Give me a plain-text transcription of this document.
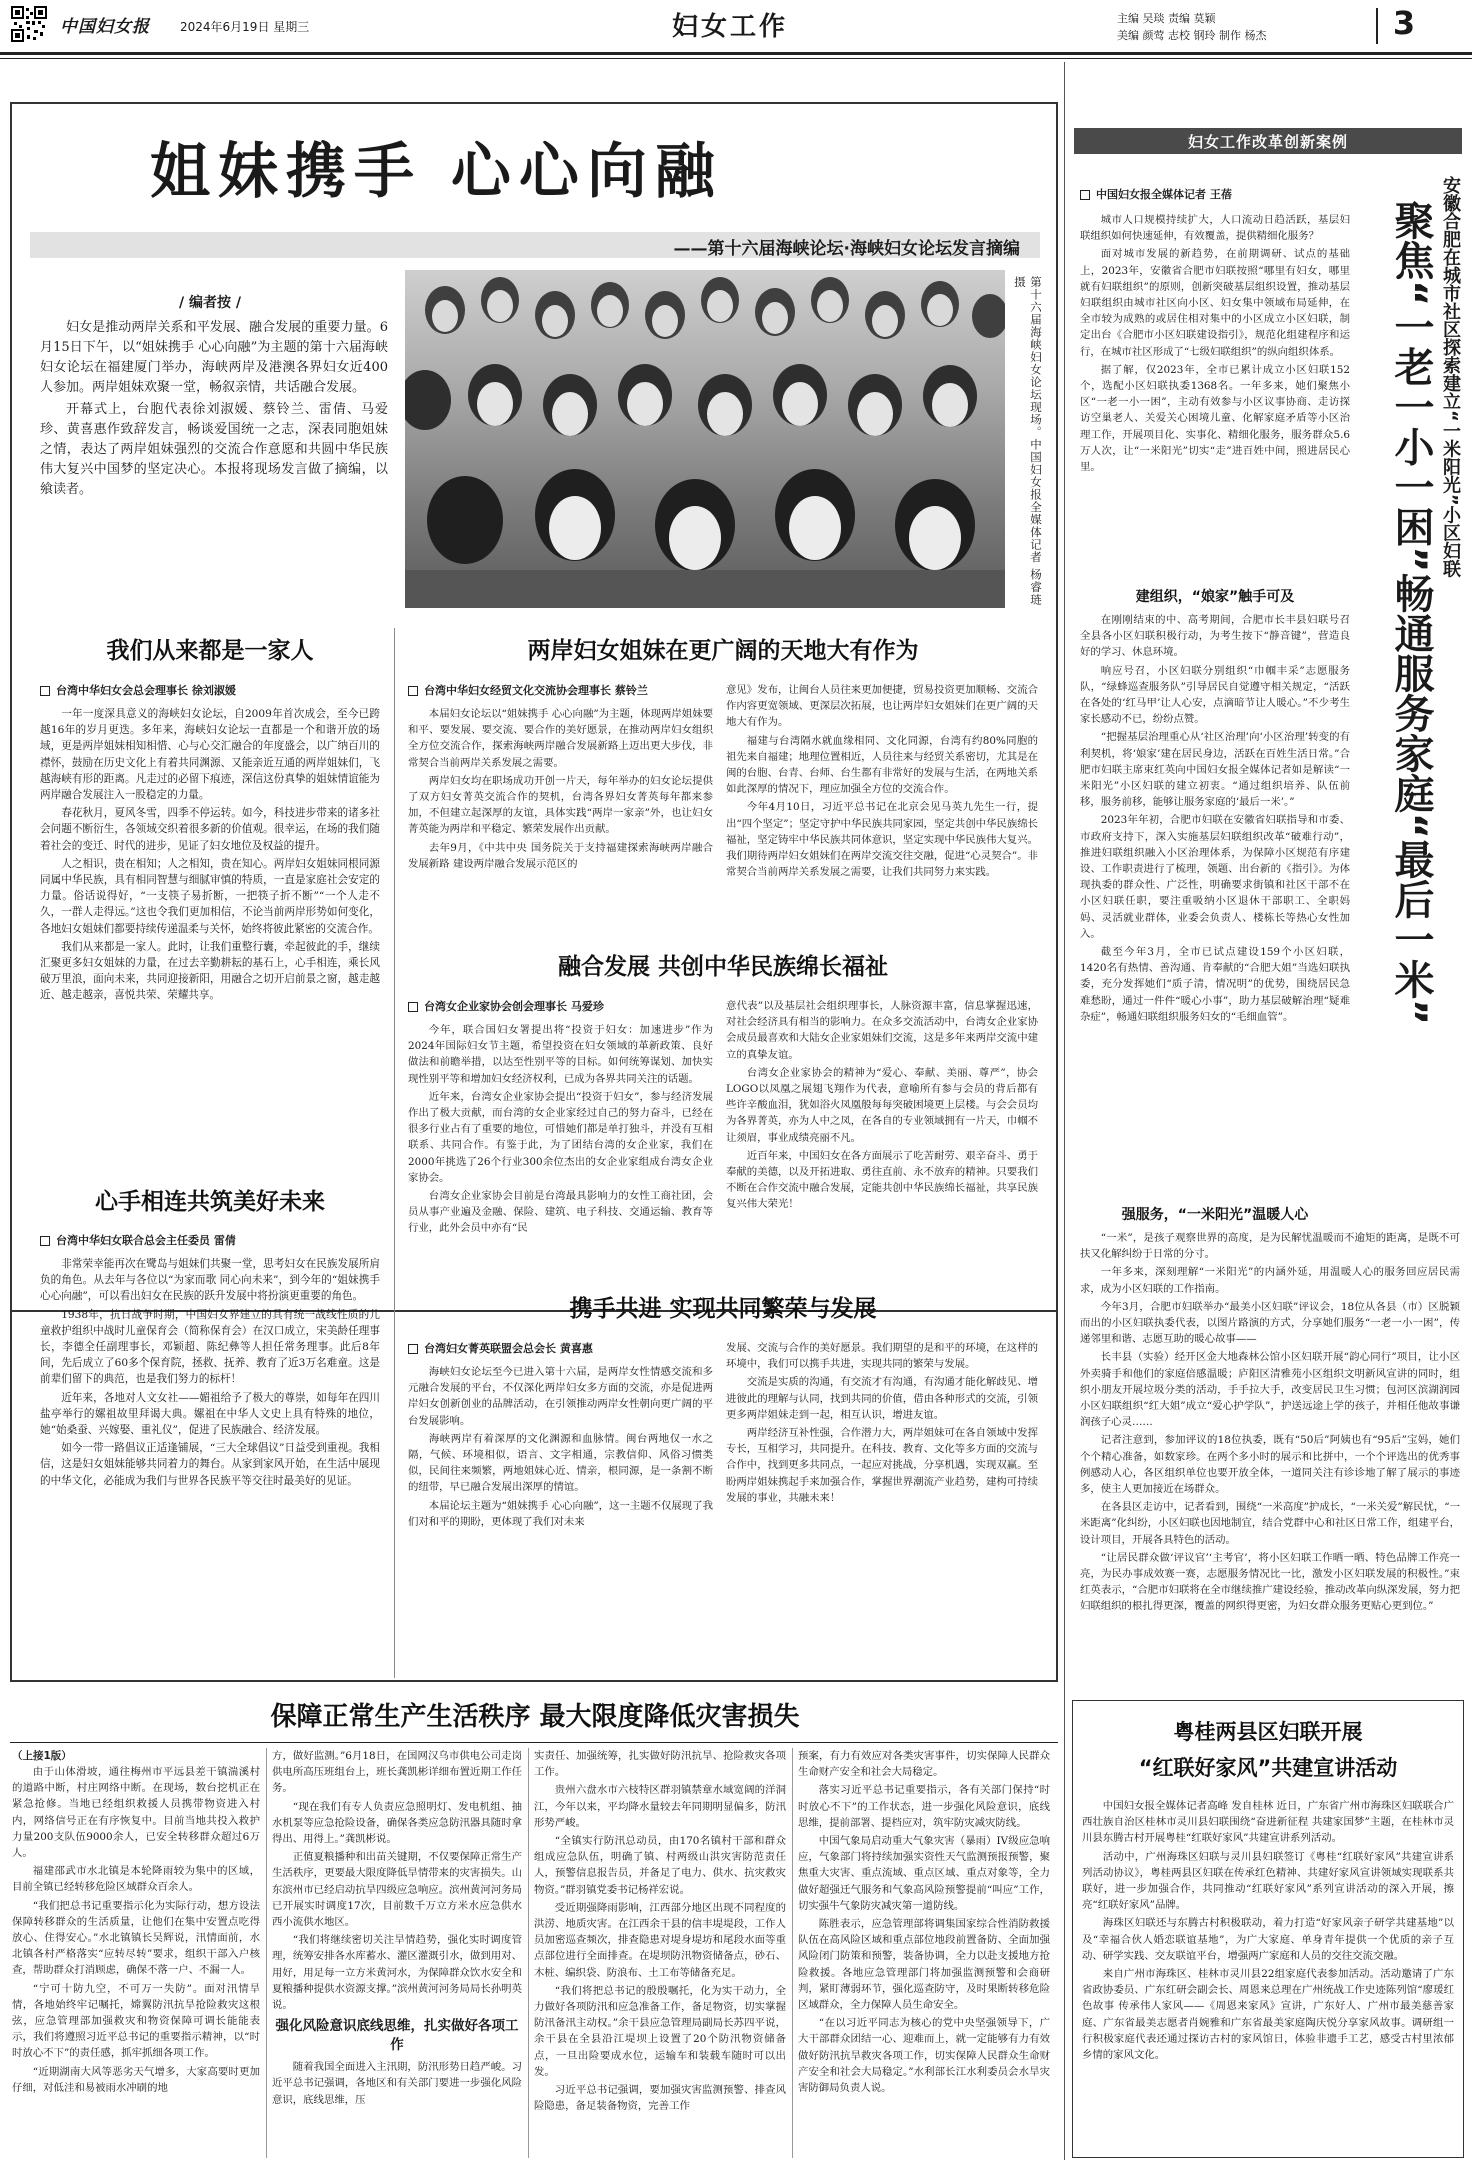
中国妇女报	2024年6月19日 星期三	妇女工作	主编 吴琰 责编 莫颖
美编 颜莺 志校 钢玲 制作 杨杰	3
姐妹携手 心心向融
——第十六届海峡论坛·海峡妇女论坛发言摘编
/ 编者按 /

妇女是推动两岸关系和平发展、融合发展的重要力量。6月15日下午，以“姐妹携手 心心向融”为主题的第十六届海峡妇女论坛在福建厦门举办，海峡两岸及港澳各界妇女近400人参加。两岸姐妹欢聚一堂，畅叙亲情，共话融合发展。

开幕式上，台胞代表徐刘淑媛、蔡铃兰、雷倩、马爱珍、黄喜惠作致辞发言，畅谈爱国统一之志，深表同胞姐妹之情，表达了两岸姐妹强烈的交流合作意愿和共圆中华民族伟大复兴中国梦的坚定决心。本报将现场发言做了摘编，以飨读者。	第十六届海峡妇女论坛现场。中国妇女报全媒体记者 杨睿琏 摄
我们从来都是一家人
台湾中华妇女会总会理事长 徐刘淑媛

一年一度深具意义的海峡妇女论坛，自2009年首次成会，至今已跨越16年的岁月更迭。多年来，海峡妇女论坛一直都是一个和谐开放的场域，更是两岸姐妹相知相惜、心与心交汇融合的年度盛会，以广纳百川的襟怀，鼓励在历史文化上有着共同渊源、又能亲近互通的两岸姐妹们，飞越海峡有形的距离。凡走过的必留下痕迹，深信这份真挚的姐妹情谊能为两岸融合发展注入一股稳定的力量。

春花秋月，夏风冬雪，四季不停运转。如今，科技进步带来的诸多社会问题不断衍生，各领域交织着很多新的价值观。很幸运，在场的我们随着社会的变迁、时代的进步，见证了妇女地位及权益的提升。

人之相识，贵在相知；人之相知，贵在知心。两岸妇女姐妹同根同源同属中华民族，具有相同智慧与细腻审慎的特质，一直是家庭社会安定的力量。俗话说得好，“一支筷子易折断，一把筷子折不断”“一个人走不久，一群人走得远。”这也令我们更加相信，不论当前两岸形势如何变化，各地妇女姐妹们都要持续传递温柔与关怀，始终将彼此紧密的交流合作。

我们从来都是一家人。此时，让我们重整行囊，牵起彼此的手，继续汇聚更多妇女姐妹的力量，在过去辛勤耕耘的基石上，心手相连，乘长风破万里浪，面向未来，共同迎接新阳，用融合之切开启前景之窗，越走越近、越走越亲，喜悦共荣、荣耀共享。

心手相连共筑美好未来
台湾中华妇女联合总会主任委员 雷倩

非常荣幸能再次在鹭岛与姐妹们共聚一堂，思考妇女在民族发展所肩负的角色。从去年与各位以“为家而歌 同心向未来”，到今年的“姐妹携手 心心向融”，可以看出妇女在民族的跃升发展中将扮演更重要的角色。

1938年，抗日战争时期，中国妇女界建立的具有统一战线性质的儿童救护组织中战时儿童保育会（简称保育会）在汉口成立，宋美龄任理事长，李德全任副理事长，邓颖超、陈纪彝等人担任常务理事。此后8年间，先后成立了60多个保育院，拯救、抚养、教育了近3万名难童。这是前辈们留下的典范，也是我们努力的标杆！

近年来，各地对人文女社——媚祖给予了极大的尊崇，如每年在四川盐亭举行的嫘祖故里拜谒大典。嫘祖在中华人文史上具有特殊的地位，她“始桑蚕、兴嫁娶、重礼仪”，促进了民族融合、经济发展。

如今一带一路倡议正适逢铺展，“三大全球倡议”日益受到重视。我相信，这是妇女姐妹能够共同着力的舞台。从家到家风开始，在生活中展现的中华文化，必能成为我们与世界各民族平等交往时最美好的见证。

两岸妇女姐妹在更广阔的天地大有作为
台湾中华妇女经贸文化交流协会理事长 蔡铃兰

本届妇女论坛以“姐妹携手 心心向融”为主题，体现两岸姐妹要和平、要发展、要交流、要合作的美好愿景，在推动两岸妇女组织全方位交流合作，探索海峡两岸融合发展新路上迈出更大步伐，非常契合当前两岸关系发展之需要。

两岸妇女均在职场成功开创一片天，每年举办的妇女论坛提供了双方妇女菁英交流合作的契机，台湾各界妇女菁英每年都来参加，不但建立起深厚的友谊，具体实践“两岸一家亲”外，也让妇女菁英能为两岸和平稳定、繁荣发展作出贡献。

去年9月，《中共中央 国务院关于支持福建探索海峡两岸融合发展新路 建设两岸融合发展示范区的

意见》发布，让闽台人员往来更加便捷，贸易投资更加顺畅、交流合作内容更宽领域、更深层次拓展，也让两岸妇女姐妹们在更广阔的天地大有作为。

福建与台湾隔水就血缘相同、文化同源，台湾有约80%同胞的祖先来自福建；地理位置相近，人员往来与经贸关系密切，尤其是在闽的台胞、台青、台师、台生都有非常好的发展与生活，在两地关系如此深厚的情况下，理应加强全方位的交流合作。

今年4月10日，习近平总书记在北京会见马英九先生一行，提出“四个坚定”；坚定守护中华民族共同家园，坚定共创中华民族绵长福祉，坚定铸牢中华民族共同体意识，坚定实现中华民族伟大复兴。我们期待两岸妇女姐妹们在两岸交流交往交融，促进“心灵契合”。非常契合当前两岸关系发展之需要，让我们共同努力来实践。

融合发展 共创中华民族绵长福祉
台湾女企业家协会创会理事长 马爱珍

今年，联合国妇女署提出将“投资于妇女：加速进步”作为2024年国际妇女节主题，希望投资在妇女领域的革新政策、良好做法和前瞻举措，以达至性别平等的目标。如何统筹谋划、加快实现性别平等和增加妇女经济权利，已成为各界共同关注的话题。

近年来，台湾女企业家协会提出“投资于妇女”，参与经济发展作出了极大贡献，而台湾的女企业家经过自己的努力奋斗，已经在很多行业占有了重要的地位，可惜她们都是单打独斗，并没有互相联系、共同合作。有鉴于此，为了团结台湾的女企业家，我们在2000年挑选了26个行业300余位杰出的女企业家组成台湾女企业家协会。

台湾女企业家协会目前是台湾最具影响力的女性工商社团，会员从事产业遍及金融、保险、建筑、电子科技、交通运输、教育等行业，此外会员中亦有“民

意代表”以及基层社会组织理事长，人脉资源丰富，信息掌握迅速，对社会经济具有相当的影响力。在众多交流活动中，台湾女企业家协会成员最喜欢和大陆女企业家姐妹们交流，这是多年来两岸交流中建立的真挚友谊。

台湾女企业家协会的精神为“爱心、奉献、美丽、尊严”，协会LOGO以凤凰之展翅飞翔作为代表，意喻所有参与会员的背后都有些许辛酸血泪，犹如浴火凤凰般每每突破困境更上层楼。与会会员均为各界菁英，亦为人中之凤，在各自的专业领域拥有一片天，巾帼不让须眉，事业成绩亮丽不凡。

近百年来，中国妇女在各方面展示了吃苦耐劳、艰辛奋斗、勇于奉献的美德，以及开拓进取、勇往直前、永不放弃的精神。只要我们不断在合作交流中融合发展，定能共创中华民族绵长福祉，共享民族复兴伟大荣光！

携手共进 实现共同繁荣与发展
台湾妇女菁英联盟会总会长 黄喜惠

海峡妇女论坛至今已进入第十六届，是两岸女性情感交流和多元融合发展的平台，不仅深化两岸妇女多方面的交流，亦是促进两岸妇女创新创业的品牌活动，在引领推动两岸女性朝向更广阔的平台发展影响。

海峡两岸有着深厚的文化渊源和血脉情。闽台两地仅一水之隔，气候、环境相似，语言、文字相通，宗教信仰、风俗习惯类似，民间往来频繁，两地姐妹心近、情亲，根同源，是一条割不断的纽带，早已融合发展出深厚的情谊。

本届论坛主题为“姐妹携手 心心向融”，这一主题不仅展现了我们对和平的期盼，更体现了我们对未来

发展、交流与合作的美好愿景。我们期望的是和平的环境，在这样的环境中，我们可以携手共进，实现共同的繁荣与发展。

交流是实质的沟通，有交流才有沟通，有沟通才能化解歧见、增进彼此的理解与认同，找到共同的价值，借由各种形式的交流，引领更多两岸姐妹走到一起，相互认识，增进友谊。

两岸经济互补性强，合作潜力大，两岸姐妹可在各自领域中发挥专长，互相学习，共同提升。在科技、教育、文化等多方面的交流与合作中，找到更多共同点，一起应对挑战，分享机遇，实现双赢。至盼两岸姐妹携起手来加强合作，掌握世界潮流产业趋势，建构可持续发展的事业，共融未来！

保障正常生产生活秩序 最大限度降低灾害损失
（上接1版）

由于山体滑坡，通往梅州市平远县差干镇湍溪村的道路中断，村庄网络中断。在现场，数台挖机正在紧急抢修。当地已经组织救援人员携带物资进入村内，网络信号正在有序恢复中。目前当地共投入救护力量200支队伍9000余人，已安全转移群众超过6万人。

福建邵武市水北镇是本轮降雨较为集中的区域，目前全镇已经转移危险区域群众百余人。

“我们把总书记重要指示化为实际行动，想方设法保障转移群众的生活质量，让他们在集中安置点吃得放心、住得安心。”水北镇镇长吴辉说，汛情面前，水北镇各村严格落实“应转尽转”要求，组织干部入户核查，帮助群众打消顾虑，确保不落一户、不漏一人。

“宁可十防九空，不可万一失防”。面对汛情旱情，各地始终牢记嘱托，嫦翼防汛抗旱抢险救灾这根弦，应急管理部加强救灾和物资保障可调长能能表示，我们将遵照习近平总书记的重要指示精神，以“时时放心不下”的责任感，抓牢抓细各项工作。

“近期湖南大风等恶劣天气增多，大家高要时更加仔细，对低洼和易被雨水冲刷的地

方，做好监测。”6月18日，在国网汉乌市供电公司走岗供电所高压班组台上，班长龚凯彬详细布置近期工作任务。

“现在我们有专人负责应急照明灯、发电机组、抽水机泵等应急抢险设备，确保各类应急防汛器具随时拿得出、用得上。”龚凯彬说。

正值夏粮播种和出苗关键期，不仅要保障正常生产生活秩序，更要最大限度降低旱情带来的灾害损失。山东滨州市已经启动抗旱四级应急响应。滨州黄河河务局已开展实时调度17次，目前数千万立方米水应急供水西小流供水地区。

“我们将继续密切关注旱情趋势，强化实时调度管理，统筹安排各水库蓄水、灌区灌溉引水，做到用对、用好，用足每一立方米黄河水，为保障群众饮水安全和夏粮播种提供水资源支撑。”滨州黄河河务局局长孙明英说。

强化风险意识底线思维，扎实做好各项工作

随着我国全面进入主汛期，防汛形势日趋严峻。习近平总书记强调，各地区和有关部门要进一步强化风险意识，底线思维，压

实责任、加强统筹，扎实做好防汛抗旱、抢险救灾各项工作。

贵州六盘水市六枝特区群羽镇禁章水域宽阔的洋洞江，今年以来，平均降水量较去年同期明显偏多，防汛形势严峻。

“全镇实行防汛总动员，由170名镇村干部和群众组成应急队伍，明确了镇、村两级山洪灾害防范责任人，预警信息报告员，并备足了电力、供水、抗灾救灾物资。”群羽镇党委书记杨祥宏说。

受近期强降雨影响，江西部分地区出现不同程度的洪涝、地质灾害。在江西余干县的信丰堤堤段，工作人员加密巡查频次，排查隐患对堤身堤坊和尾段水面等重点部位进行全面排查。在堤坝防汛物资储备点，砂石、木桩、编织袋、防浪布、土工布等储备充足。

“我们将把总书记的殷殷嘱托，化为实干动力，全力做好各项防汛和应急准备工作，备足物资，切实掌握防汛备汛主动权。”余干县应急管理局副局长苏四平说，余干县在全县沿江堤坝上设置了20个防汛物资储备点，一旦出险要成水位，运输车和装载车随时可以出发。

习近平总书记强调，要加强灾害监测预警、排查风险隐患，备足装备物资，完善工作

预案，有力有效应对各类灾害事件，切实保障人民群众生命财产安全和社会大局稳定。

落实习近平总书记重要指示，各有关部门保持“时时放心不下”的工作状态，进一步强化风险意识，底线思维，提前部署、提档应对，筑牢防灾减灾防线。

中国气象局启动重大气象灾害（暴雨）IV级应急响应，气象部门将持续加强实资性天气监测预报预警，聚焦重大灾害、重点流域、重点区域、重点对象等，全力做好超强迁气服务和气象高风险预警提前“叫应”工作，切实强牛气象防灾减灾第一道防线。

陈胜表示，应急管理部将调集国家综合性消防救援队伍在高风险区域和重点部位地段前置备防、全面加强风险闭门防策和预警，装备协调，全力以赴支援地方抢险救援。各地应急管理部门将加强监测预警和会商研判，紧盯薄弱环节，强化巡查防守，及时果断转移危险区域群众，全力保障人员生命安全。

“在以习近平同志为核心的党中央坚强领导下，广大干部群众团结一心、迎难而上，就一定能够有力有效做好防汛抗旱救灾各项工作，切实保障人民群众生命财产安全和社会大局稳定。”水利部长江水利委员会水旱灾害防御局负责人说。

妇女工作改革创新案例
安徽合肥在城市社区探索建立“一米阳光”小区妇联
聚焦“一老一小一困”畅通服务家庭“最后一米”
中国妇女报全媒体记者 王蓓

城市人口规模持续扩大，人口流动日趋活跃，基层妇联组织如何快速延伸，有效覆盖，提供精细化服务？

面对城市发展的新趋势，在前期调研、试点的基础上，2023年，安徽省合肥市妇联按照“哪里有妇女，哪里就有妇联组织”的原则，创新突破基层组织设置，推动基层妇联组织由城市社区向小区、妇女集中领域布局延伸，在全市较为成熟的或居住相对集中的小区成立小区妇联，制定出台《合肥市小区妇联建设指引》，规范化组建程序和运行，在城市社区形成了“七级妇联组织”的纵向组织体系。

据了解，仅2023年，全市已累计成立小区妇联152个，选配小区妇联执委1368名。一年多来，她们聚焦小区“一老一小一困”，主动有效参与小区议事协商、走访探访空巢老人、关爱关心困境儿童、化解家庭矛盾等小区治理工作，开展项目化、实事化、精细化服务，服务群众5.6万人次，让“一米阳光”切实“走”进百姓中间，照进居民心里。

建组织，“娘家”触手可及

在刚刚结束的中、高考期间，合肥市长丰县妇联号召全县各小区妇联积极行动，为考生按下“静音键”，营造良好的学习、休息环境。

响应号召，小区妇联分别组织“巾帼丰采”志愿服务队，“绿蜂巡查服务队”引导居民自觉遵守相关规定，“活跃在各处的‘红马甲’让人心安，点滴暗节让人暖心。”不少考生家长感动不已，纷纷点赞。

“把握基层治理重心从‘社区治理’向‘小区治理’转变的有利契机，将‘娘家’建在居民身边，活跃在百姓生活日常。”合肥市妇联主席束红英向中国妇女报全媒体记者如是解读“一米阳光”小区妇联的建立初衷。“通过组织培养、队伍前移，服务前移，能够让服务家庭的‘最后一米’。”

2023年年初，合肥市妇联在安徽省妇联指导和市委、市政府支持下，深入实施基层妇联组织改革“破难行动”，推进妇联组织融入小区治理体系，为保障小区规范有序建设、工作职责进行了梳理，领题、出台新的《指引》。为体现执委的群众性、广泛性，明确要求街镇和社区干部不在小区妇联任职，要注重吸纳小区退休干部职工、全职妈妈、灵活就业群体，业委会负责人、楼栋长等热心女性加入。

截至今年3月，全市已试点建设159个小区妇联，1420名有热情、善沟通、肯奉献的“合肥大姐”当选妇联执委，充分发挥她们“质子清，情况明”的优势，围绕居民急难愁盼，通过一件件“暖心小事”，助力基层破解治理“疑难杂症”，畅通妇联组织服务妇女的“毛细血管”。

强服务，“一米阳光”温暖人心

“一米”，是孩子观察世界的高度，是为民解忧温暖而不逾矩的距离，是既不可扶又化解纠纷于日常的分寸。

一年多来，深刻理解“一米阳光”的内涵外延，用温暖人心的服务回应居民需求，成为小区妇联的工作指南。

今年3月，合肥市妇联举办“最美小区妇联”评议会，18位从各县（市）区脱颖而出的小区妇联执委代表，以图片路演的方式，分享她们服务“一老一小一困”，传递邻里和谐、志愿互助的暖心故事——

长丰县（实验）经开区金大地森林公馆小区妇联开展“韵心同行”项目，让小区外卖骑手和他们的家庭倍感温暖；庐阳区清雅苑小区组织文明新风宣讲的同时，组织小朋友开展垃圾分类的活动，手手拉大手，改变居民卫生习惯；包河区滨湖润园小区妇联组织“红大姐”成立“爱心护学队”，护送远途上学的孩子，并相任他故事谦润孩子心灵……

记者注意到，参加评议的18位执委，既有“50后”阿姨也有“95后”宝妈，她们个个精心准备，如数家珍。在两个多小时的展示和比拼中，一个个评选出的优秀事例感动人心，各区组织单位也要开放全体，一道同关注有诊诊地了解了展示的事迹多，使主人更加接近在场群众。

在各县区走访中，记者看到，围绕“一米高度”护成长，“一米关爱”解民忧，“一米距离”化纠纷，小区妇联也因地制宜，结合党群中心和社区日常工作，组建平台，设计项目，开展各具特色的活动。

“让居民群众做‘评议官’‘主考官’，将小区妇联工作晒一晒、特色品牌工作亮一亮，为民办事成效赛一赛，志愿服务情况比一比，激发小区妇联发展的积极性。”束红英表示，“合肥市妇联将在全市继续推广建设经验，推动改革向纵深发展，努力把妇联组织的根扎得更深，覆盖的网织得更密，为妇女群众服务更贴心更到位。”

粤桂两县区妇联开展
“红联好家风”共建宣讲活动

中国妇女报全媒体记者高峰 发自桂林 近日，广东省广州市海珠区妇联联合广西壮族自治区桂林市灵川县妇联围绕“奋进新征程 共建家国梦”主题，在桂林市灵川县东腾古村开展粤桂“红联好家风”共建宣讲系列活动。

活动中，广州海珠区妇联与灵川县妇联签订《粤桂“红联好家风”共建宣讲系列活动协议》，粤桂两县区妇联在传承红色精神、共建好家风宣讲领域实现联系共联好，进一步加强合作，共同推动“红联好家风”系列宣讲活动的深入开展，擦亮“红联好家风”品牌。

海珠区妇联还与东腾古村积极联动，着力打造“好家风亲子研学共建基地”以及“幸福合伙人婚恋联谊基地”，为广大家庭、单身青年提供一个优质的亲子互动、研学实践、交友联谊平台，增强两广家庭和人员的交往交流交融。

来自广州市海珠区、桂林市灵川县22组家庭代表参加活动。活动邀请了广东省政协委员、广东红研会副会长、周恩来总理在广州统战工作史迹陈列馆“廖瑗红色故事 传承伟人家风——《周恩来家风》宣讲，广东好人、广州市最美慈善家庭、广东省最美志愿者肖婉雅和广东省最美家庭陶庆悦分享家风故事。调研组一行积极家庭代表还通过探访古村的家风馆日，体验非遗手工艺，感受古村里浓郁乡情的家风文化。
